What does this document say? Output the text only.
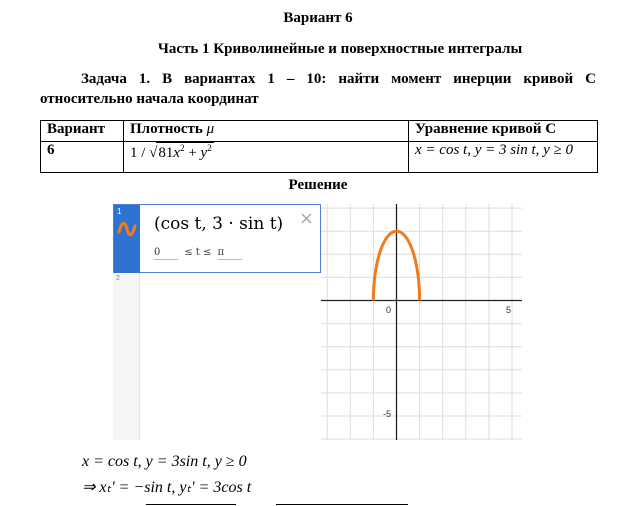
Вариант 6
Часть 1 Криволинейные и поверхностные интегралы
Задача 1. В вариантах 1 – 10: найти момент инерции кривой С
относительно начала координат
Вариант	Плотность μ	Уравнение кривой С
6	$1 / √81x^2 + y^2$	x = cos t, y = 3 sin t, y ≥ 0
Решение
1
(cos t, 3 · sin t)
0 ≤ t ≤ π
×
2
0	5
-5
x = cos t, y = 3sin t, y ≥ 0
⇒ xₜ' = −sin t, yₜ' = 3cos t
